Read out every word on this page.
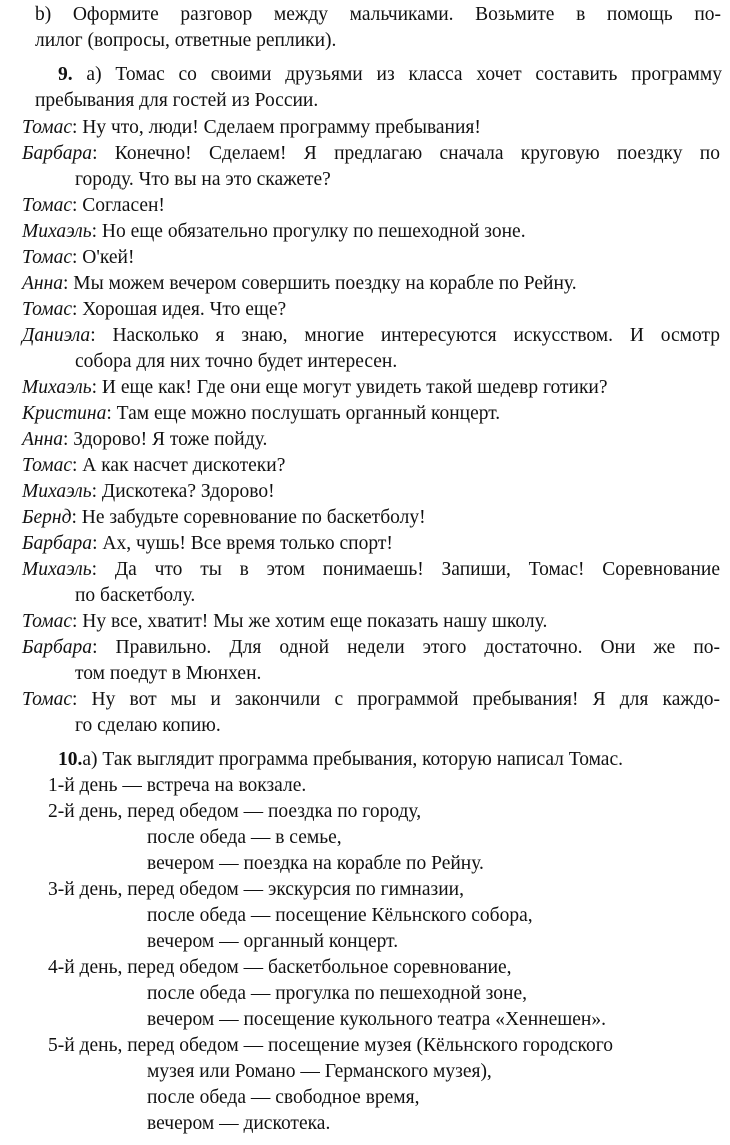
b) Оформите разговор между мальчиками. Возьмите в помощь по-
лилог (вопросы, ответные реплики).
9. а) Томас со своими друзьями из класса хочет составить программу
пребывания для гостей из России.
Томас: Ну что, люди! Сделаем программу пребывания!
Барбара: Конечно! Сделаем! Я предлагаю сначала круговую поездку по
городу. Что вы на это скажете?
Томас: Согласен!
Михаэль: Но еще обязательно прогулку по пешеходной зоне.
Томас: О'кей!
Анна: Мы можем вечером совершить поездку на корабле по Рейну.
Томас: Хорошая идея. Что еще?
Даниэла: Насколько я знаю, многие интересуются искусством. И осмотр
собора для них точно будет интересен.
Михаэль: И еще как! Где они еще могут увидеть такой шедевр готики?
Кристина: Там еще можно послушать органный концерт.
Анна: Здорово! Я тоже пойду.
Томас: А как насчет дискотеки?
Михаэль: Дискотека? Здорово!
Бернд: Не забудьте соревнование по баскетболу!
Барбара: Ах, чушь! Все время только спорт!
Михаэль: Да что ты в этом понимаешь! Запиши, Томас! Соревнование
по баскетболу.
Томас: Ну все, хватит! Мы же хотим еще показать нашу школу.
Барбара: Правильно. Для одной недели этого достаточно. Они же по-
том поедут в Мюнхен.
Томас: Ну вот мы и закончили с программой пребывания! Я для каждо-
го сделаю копию.
10.а) Так выглядит программа пребывания, которую написал Томас.
1-й день — встреча на вокзале.
2-й день, перед обедом — поездка по городу,
после обеда — в семье,
вечером — поездка на корабле по Рейну.
3-й день, перед обедом — экскурсия по гимназии,
после обеда — посещение Кёльнского собора,
вечером — органный концерт.
4-й день, перед обедом — баскетбольное соревнование,
после обеда — прогулка по пешеходной зоне,
вечером — посещение кукольного театра «Хеннешен».
5-й день, перед обедом — посещение музея (Кёльнского городского
музея или Романо — Германского музея),
после обеда — свободное время,
вечером — дискотека.
